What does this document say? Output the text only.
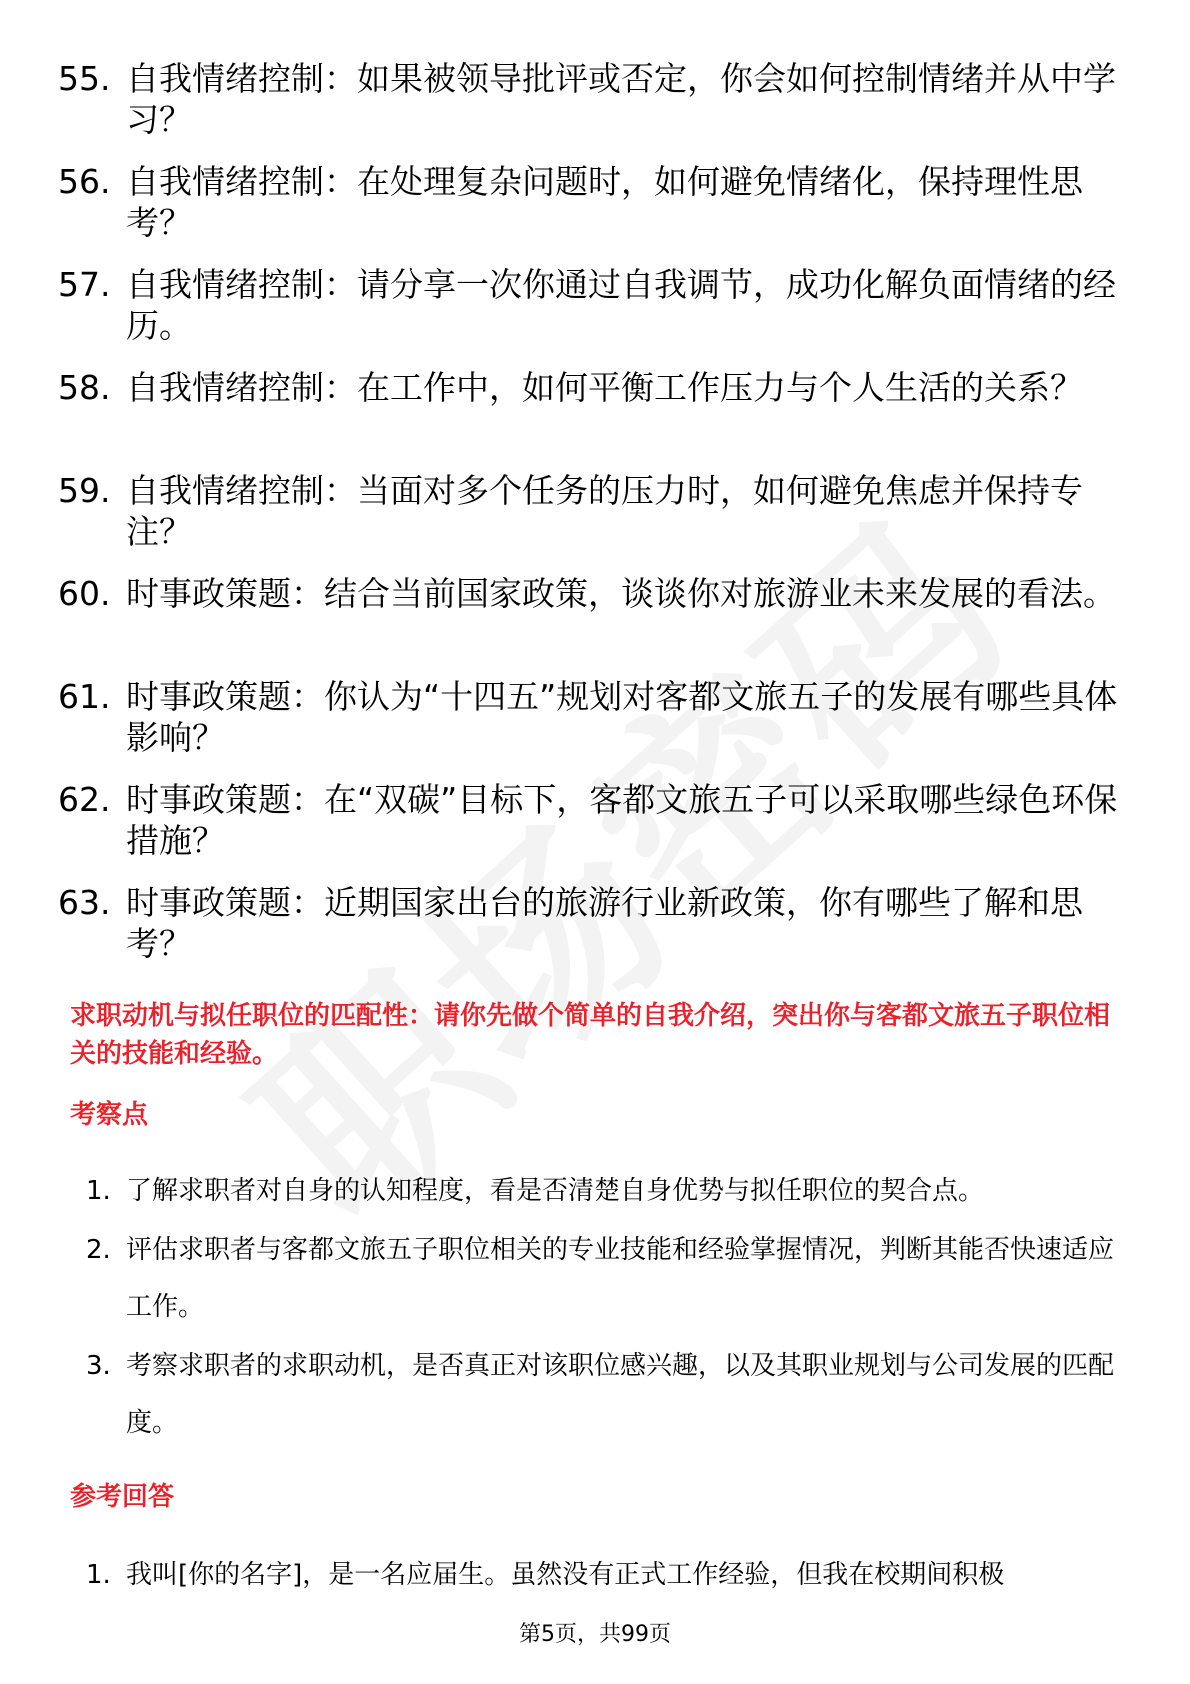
55. 自我情绪控制：如果被领导批评或否定，你会如何控制情绪并从中学习？
56. 自我情绪控制：在处理复杂问题时，如何避免情绪化，保持理性思考？
57. 自我情绪控制：请分享一次你通过自我调节，成功化解负面情绪的经历。
58. 自我情绪控制：在工作中，如何平衡工作压力与个人生活的关系？
59. 自我情绪控制：当面对多个任务的压力时，如何避免焦虑并保持专注？
60. 时事政策题：结合当前国家政策，谈谈你对旅游业未来发展的看法。
61. 时事政策题：你认为“十四五”规划对客都文旅五子的发展有哪些具体影响？
62. 时事政策题：在“双碳”目标下，客都文旅五子可以采取哪些绿色环保措施？
63. 时事政策题：近期国家出台的旅游行业新政策，你有哪些了解和思考？
求职动机与拟任职位的匹配性：请你先做个简单的自我介绍，突出你与客都文旅五子职位相关的技能和经验。
考察点
1. 了解求职者对自身的认知程度，看是否清楚自身优势与拟任职位的契合点。
2. 评估求职者与客都文旅五子职位相关的专业技能和经验掌握情况，判断其能否快速适应工作。
3. 考察求职者的求职动机，是否真正对该职位感兴趣，以及其职业规划与公司发展的匹配度。
参考回答
1. 我叫[你的名字]，是一名应届生。虽然没有正式工作经验，但我在校期间积极
第5页，共99页
